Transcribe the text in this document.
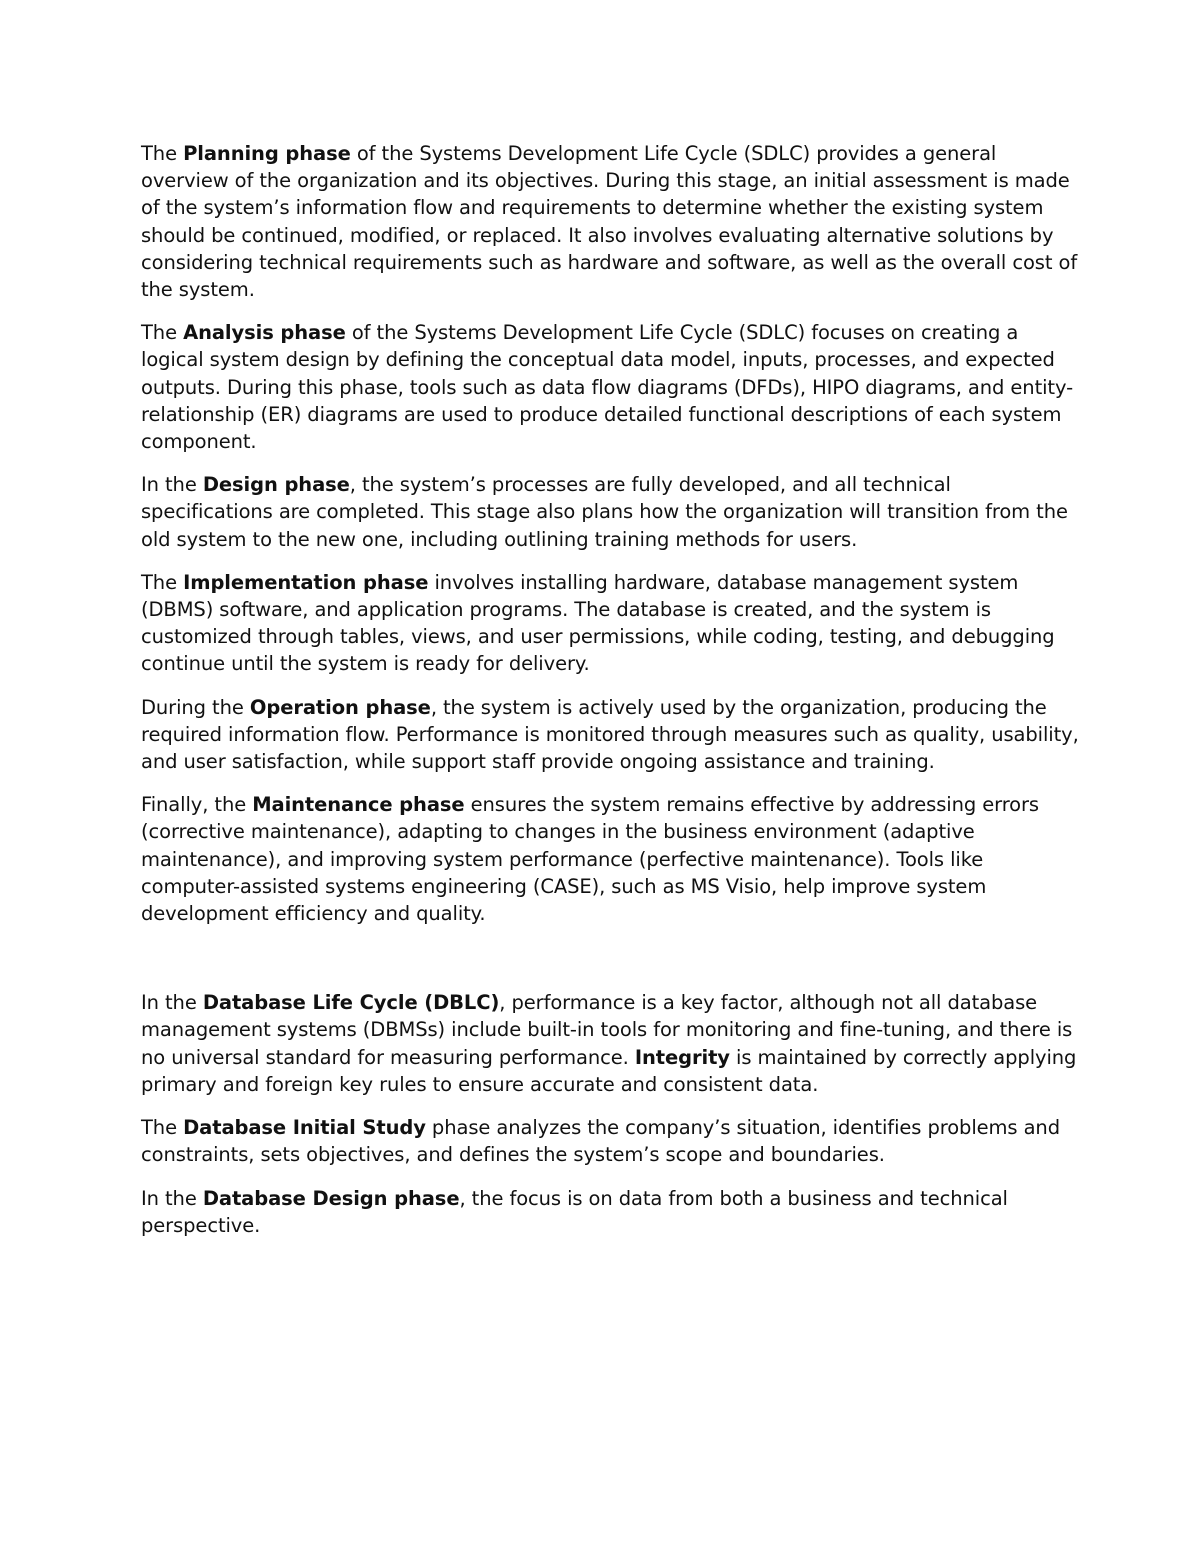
The Planning phase of the Systems Development Life Cycle (SDLC) provides a general overview of the organization and its objectives. During this stage, an initial assessment is made of the system’s information flow and requirements to determine whether the existing system should be continued, modified, or replaced. It also involves evaluating alternative solutions by considering technical requirements such as hardware and software, as well as the overall cost of the system.

The Analysis phase of the Systems Development Life Cycle (SDLC) focuses on creating a logical system design by defining the conceptual data model, inputs, processes, and expected outputs. During this phase, tools such as data flow diagrams (DFDs), HIPO diagrams, and entity-relationship (ER) diagrams are used to produce detailed functional descriptions of each system component.

In the Design phase, the system’s processes are fully developed, and all technical specifications are completed. This stage also plans how the organization will transition from the old system to the new one, including outlining training methods for users.

The Implementation phase involves installing hardware, database management system (DBMS) software, and application programs. The database is created, and the system is customized through tables, views, and user permissions, while coding, testing, and debugging continue until the system is ready for delivery.

During the Operation phase, the system is actively used by the organization, producing the required information flow. Performance is monitored through measures such as quality, usability, and user satisfaction, while support staff provide ongoing assistance and training.

Finally, the Maintenance phase ensures the system remains effective by addressing errors (corrective maintenance), adapting to changes in the business environment (adaptive maintenance), and improving system performance (perfective maintenance). Tools like computer-assisted systems engineering (CASE), such as MS Visio, help improve system development efficiency and quality.

In the Database Life Cycle (DBLC), performance is a key factor, although not all database management systems (DBMSs) include built-in tools for monitoring and fine-tuning, and there is no universal standard for measuring performance. Integrity is maintained by correctly applying primary and foreign key rules to ensure accurate and consistent data.

The Database Initial Study phase analyzes the company’s situation, identifies problems and constraints, sets objectives, and defines the system’s scope and boundaries.

In the Database Design phase, the focus is on data from both a business and technical perspective.
